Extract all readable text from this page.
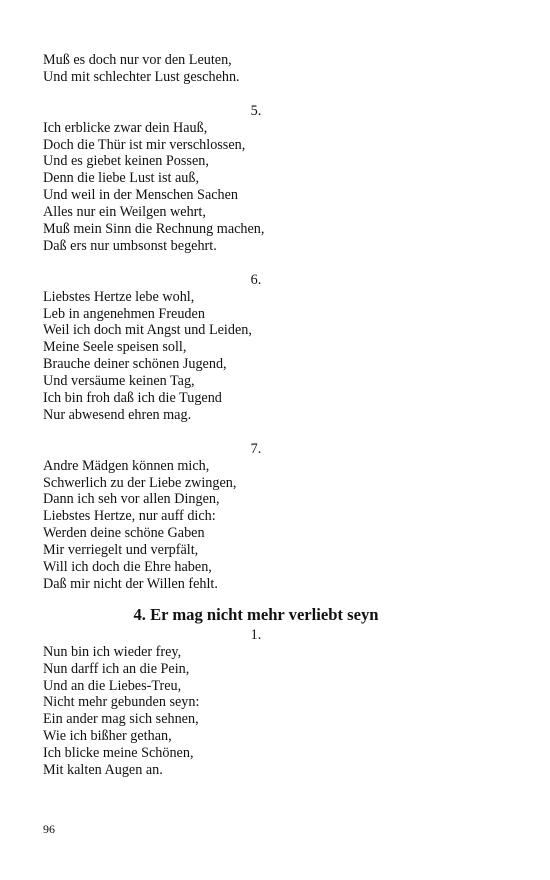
Muß es doch nur vor den Leuten,
Und mit schlechter Lust geschehn.
5.
Ich erblicke zwar dein Hauß,
Doch die Thür ist mir verschlossen,
Und es giebet keinen Possen,
Denn die liebe Lust ist auß,
Und weil in der Menschen Sachen
Alles nur ein Weilgen wehrt,
Muß mein Sinn die Rechnung machen,
Daß ers nur umbsonst begehrt.
6.
Liebstes Hertze lebe wohl,
Leb in angenehmen Freuden
Weil ich doch mit Angst und Leiden,
Meine Seele speisen soll,
Brauche deiner schönen Jugend,
Und versäume keinen Tag,
Ich bin froh daß ich die Tugend
Nur abwesend ehren mag.
7.
Andre Mädgen können mich,
Schwerlich zu der Liebe zwingen,
Dann ich seh vor allen Dingen,
Liebstes Hertze, nur auff dich:
Werden deine schöne Gaben
Mir verriegelt und verpfält,
Will ich doch die Ehre haben,
Daß mir nicht der Willen fehlt.
4. Er mag nicht mehr verliebt seyn
1.
Nun bin ich wieder frey,
Nun darff ich an die Pein,
Und an die Liebes-Treu,
Nicht mehr gebunden seyn:
Ein ander mag sich sehnen,
Wie ich bißher gethan,
Ich blicke meine Schönen,
Mit kalten Augen an.
96
